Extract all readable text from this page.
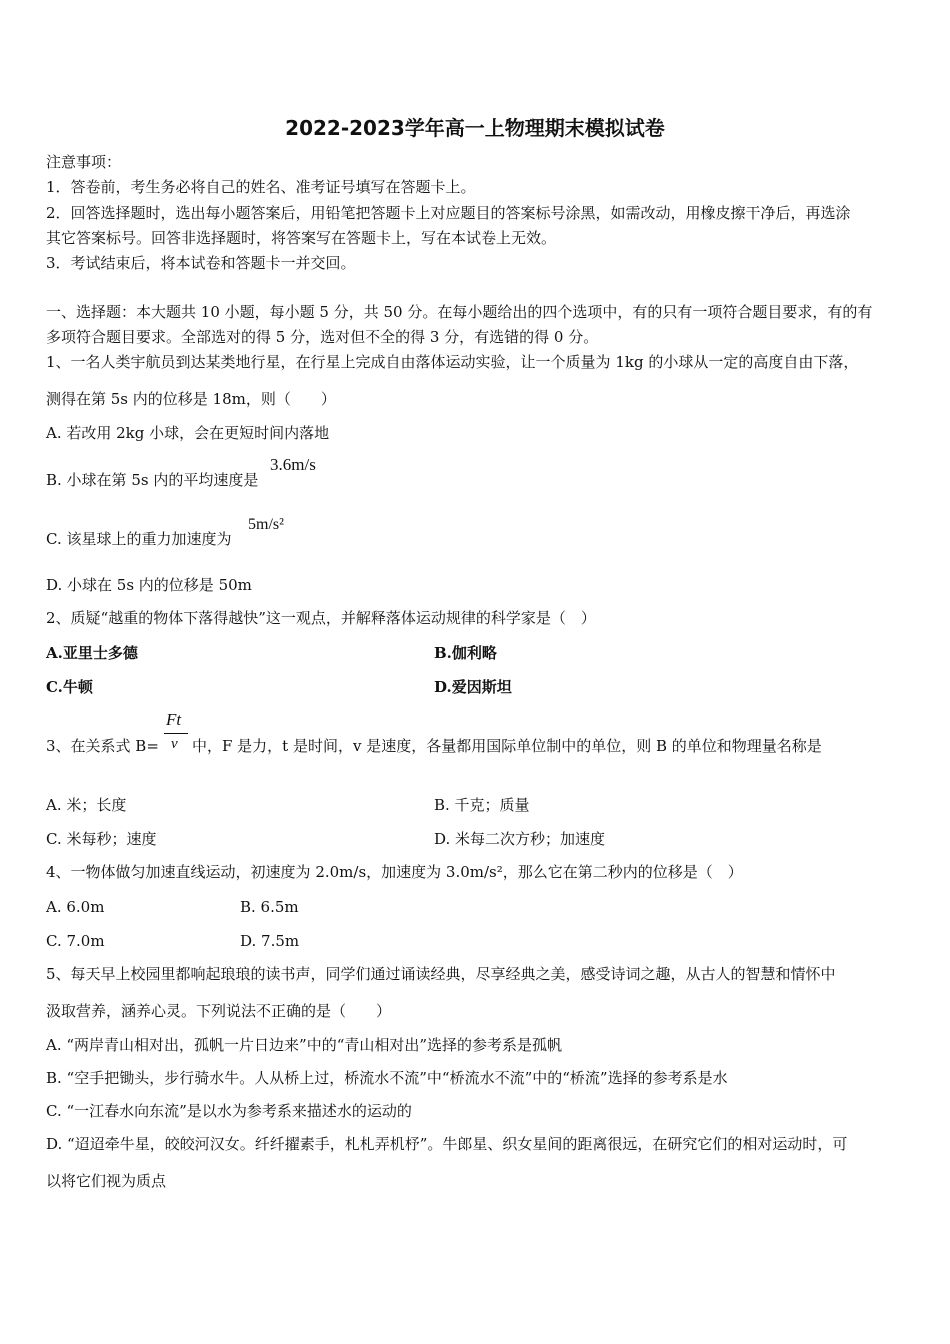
2022-2023学年高一上物理期末模拟试卷
注意事项：
1．答卷前，考生务必将自己的姓名、准考证号填写在答题卡上。
2．回答选择题时，选出每小题答案后，用铅笔把答题卡上对应题目的答案标号涂黑，如需改动，用橡皮擦干净后，再选涂
其它答案标号。回答非选择题时，将答案写在答题卡上，写在本试卷上无效。
3．考试结束后，将本试卷和答题卡一并交回。
一、选择题：本大题共 10 小题，每小题 5 分，共 50 分。在每小题给出的四个选项中，有的只有一项符合题目要求，有的有
多项符合题目要求。全部选对的得 5 分，选对但不全的得 3 分，有选错的得 0 分。
1、一名人类宇航员到达某类地行星，在行星上完成自由落体运动实验，让一个质量为 1kg 的小球从一定的高度自由下落，
测得在第 5s 内的位移是 18m，则（　　）
A. 若改用 2kg 小球，会在更短时间内落地
B. 小球在第 5s 内的平均速度是
3.6m/s
C. 该星球上的重力加速度为
5m/s²
D. 小球在 5s 内的位移是 50m
2、质疑“越重的物体下落得越快”这一观点，并解释落体运动规律的科学家是（　）
A.亚里士多德	B.伽利略
C.牛顿	D.爱因斯坦
3、在关系式 B=
Ft
v 中，F 是力，t 是时间，v 是速度，各量都用国际单位制中的单位，则 B 的单位和物理量名称是
A. 米；长度	B. 千克；质量
C. 米每秒；速度	D. 米每二次方秒；加速度
4、一物体做匀加速直线运动，初速度为 2.0m/s，加速度为 3.0m/s²，那么它在第二秒内的位移是（　）
A. 6.0m	B. 6.5m
C. 7.0m	D. 7.5m
5、每天早上校园里都响起琅琅的读书声，同学们通过诵读经典，尽享经典之美，感受诗词之趣，从古人的智慧和情怀中
汲取营养，涵养心灵。下列说法不正确的是（　　）
A. “两岸青山相对出，孤帆一片日边来”中的“青山相对出”选择的参考系是孤帆
B. “空手把锄头，步行骑水牛。人从桥上过，桥流水不流”中“桥流水不流”中的“桥流”选择的参考系是水
C. “一江春水向东流”是以水为参考系来描述水的运动的
D. “迢迢牵牛星，皎皎河汉女。纤纤擢素手，札札弄机杼”。牛郎星、织女星间的距离很远，在研究它们的相对运动时，可
以将它们视为质点
